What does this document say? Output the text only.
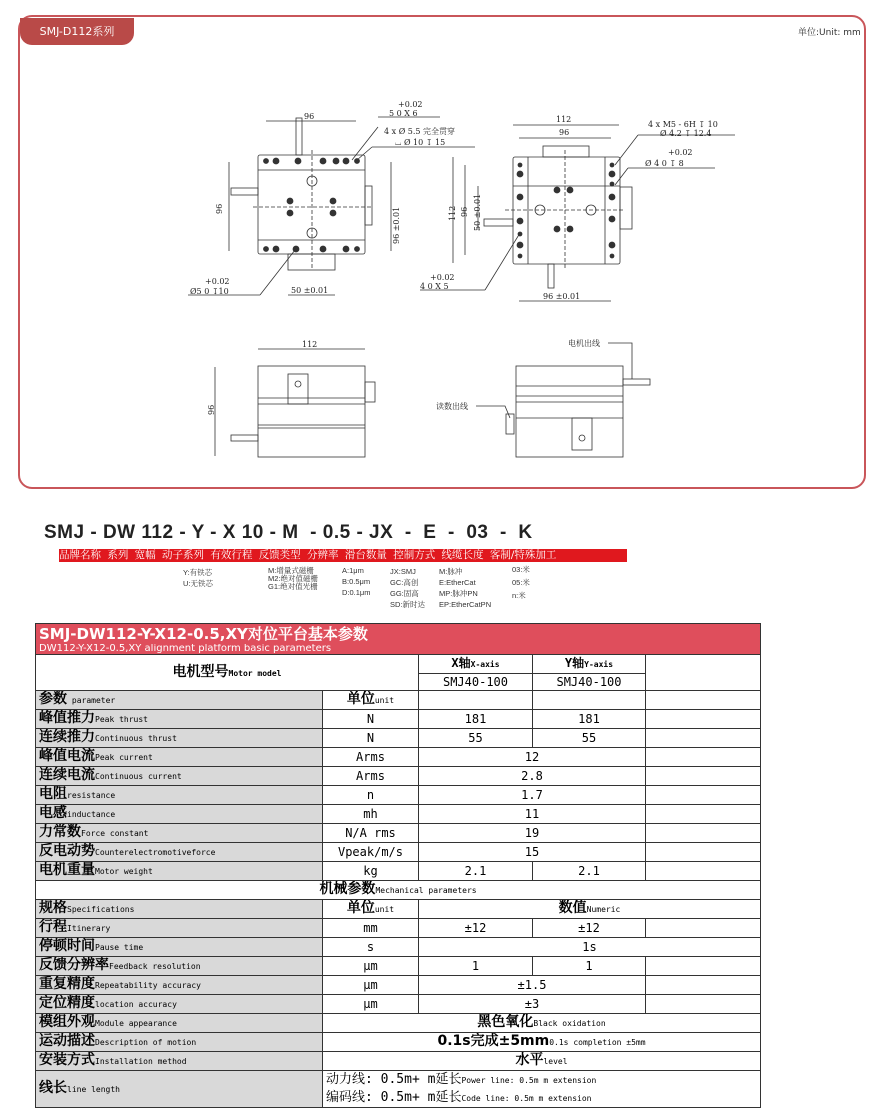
SMJ-D112系列	单位:Unit: mm
96
96	96 ±0.01
50 ±0.01
+0.02
5 0 X 6
4 x Ø 5.5 完全贯穿
⌴ Ø 10 ↧ 15
+0.02
Ø5 0 ↧10
112
96
112 96 50 ±0.01
96 ±0.01
4 x M5 - 6H ↧ 10
Ø 4.2 ↧ 12.4
+0.02
Ø 4 0 ↧ 8
+0.02
4 0 X 5
112
96
电机出线
读数出线
SMJ - DW 112 - Y - X 10 - M  - 0.5 - JX  -  E  -  03  -  K
品牌名称 系列 宽幅 动子系列 有效行程 反馈类型 分辨率 滑台数量 控制方式 线缆长度 客制/特殊加工
Y:有铁芯
U:无铁芯
M:增量式磁栅
M2:绝对值磁栅
G1:绝对值光栅
A:1μm
B:0.5μm
D:0.1μm
JX:SMJ
GC:高创
GG:固高
SD:新时达
M:脉冲
E:EtherCat
MP:脉冲PN
EP:EtherCatPN
03:米
05:米
n:米
SMJ-DW112-Y-X12-0.5,XY对位平台基本参数				
DW112-Y-X12-0.5,XY alignment platform basic parameters				
电机型号Motor model		X轴X-axis	Y轴Y-axis	
		SMJ40-100	SMJ40-100	
参数 parameter	单位unit			
峰值推力Peak thrust	N	181	181	
连续推力Continuous thrust	N	55	55	
峰值电流Peak current	Arms	12		
连续电流Continuous current	Arms	2.8		
电阻resistance	n	1.7		
电感inductance	mh	11		
力常数Force constant	N/A rms	19		
反电动势Counterelectromotiveforce	Vpeak/m/s	15		
电机重量Motor weight	kg	2.1	2.1	
机械参数Mechanical parameters				
规格Specifications	单位unit	数值Numeric		
行程Itinerary	mm	±12	±12	
停顿时间Pause time	s	1s		
反馈分辨率Feedback resolution	μm	1	1	
重复精度Repeatability accuracy	μm	±1.5		
定位精度location accuracy	μm	±3		
模组外观Module appearance	黑色氧化Black oxidation			
运动描述Description of motion	0.1s完成±5mm0.1s completion ±5mm			
安装方式Installation method	水平level			
线长line length	动力线: 0.5m+ m延长Power line: 0.5m m extension
编码线: 0.5m+ m延长Code line: 0.5m m extension			
